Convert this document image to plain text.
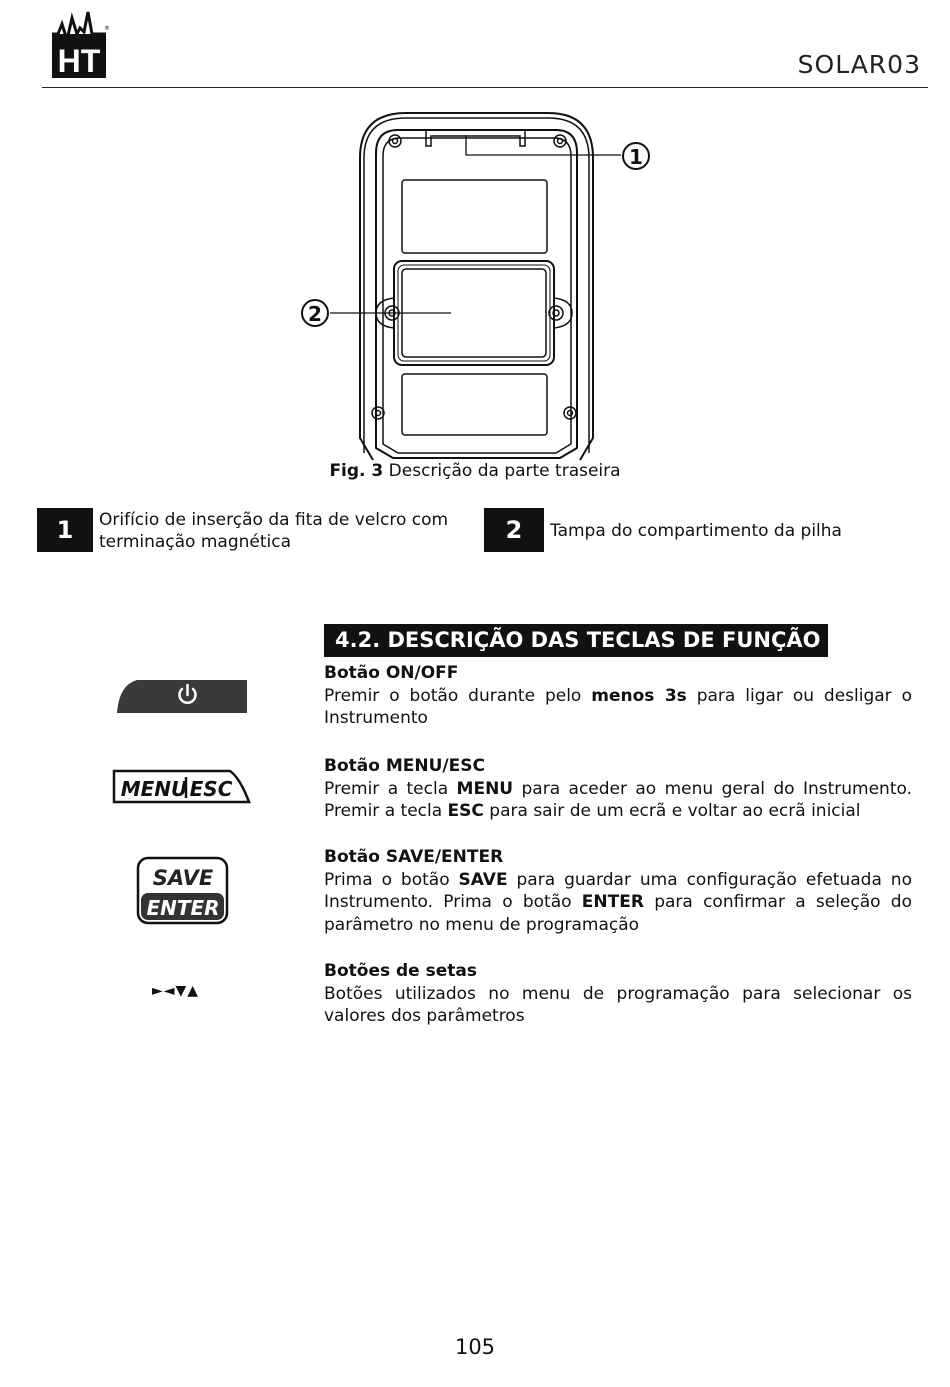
HT
®
SOLAR03
1
2
Fig. 3 Descrição da parte traseira
1	Orifício de inserção da fita de velcro com terminação magnética	2	Tampa do compartimento da pilha
4.2. DESCRIÇÃO DAS TECLAS DE FUNÇÃO
MENU ESC
SAVE
ENTER
►◄▼▲
Botão ON/OFF
Premir o botão durante pelo menos 3s para ligar ou desligar o Instrumento
Botão MENU/ESC
Premir a tecla MENU para aceder ao menu geral do Instrumento. Premir a tecla ESC para sair de um ecrã e voltar ao ecrã inicial
Botão SAVE/ENTER
Prima o botão SAVE para guardar uma configuração efetuada no Instrumento. Prima o botão ENTER para confirmar a seleção do parâmetro no menu de programação
Botões de setas
Botões utilizados no menu de programação para selecionar os valores dos parâmetros
105
